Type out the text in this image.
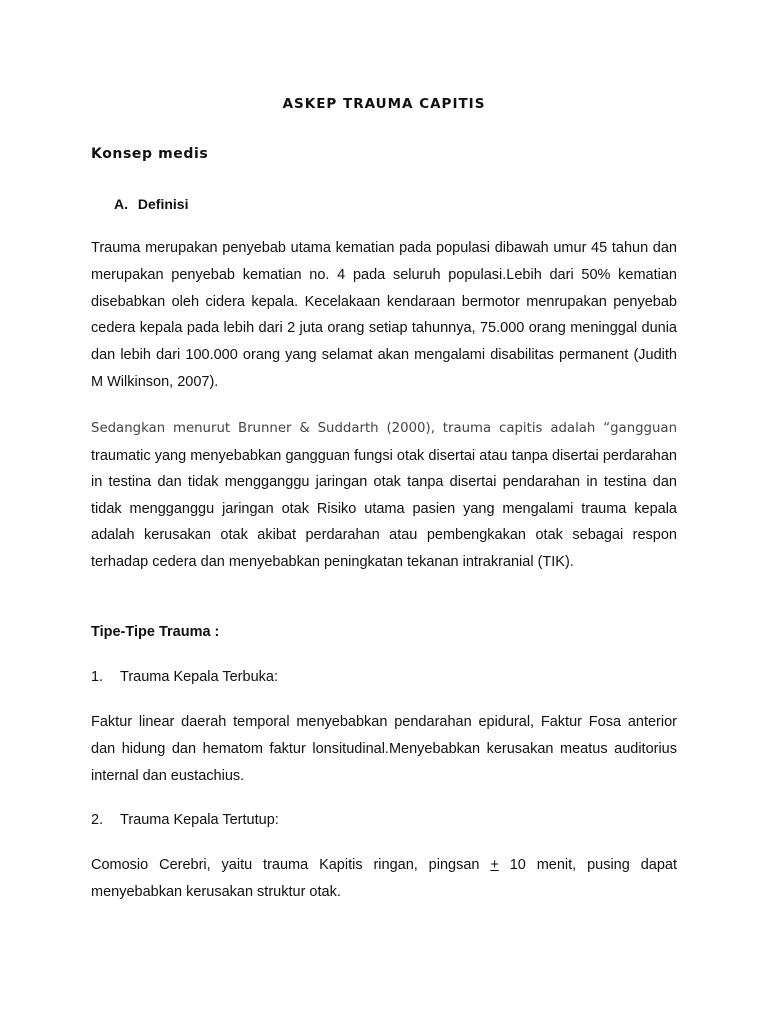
ASKEP TRAUMA CAPITIS
Konsep medis
A. Definisi

Trauma merupakan penyebab utama kematian pada populasi dibawah umur 45 tahun dan merupakan penyebab kematian no. 4 pada seluruh populasi.Lebih dari 50% kematian disebabkan oleh cidera kepala. Kecelakaan kendaraan bermotor menrupakan penyebab cedera kepala pada lebih dari 2 juta orang setiap tahunnya, 75.000 orang meninggal dunia dan lebih dari 100.000 orang yang selamat akan mengalami disabilitas permanent (Judith M Wilkinson, 2007).

Sedangkan menurut Brunner & Suddarth (2000), trauma capitis adalah “gangguan traumatic yang menyebabkan gangguan fungsi otak disertai atau tanpa disertai perdarahan in testina dan tidak mengganggu jaringan otak tanpa disertai pendarahan in testina dan tidak mengganggu jaringan otak Risiko utama pasien yang mengalami trauma kepala adalah kerusakan otak akibat perdarahan atau pembengkakan otak sebagai respon terhadap cedera dan menyebabkan peningkatan tekanan intrakranial (TIK).

Tipe-Tipe Trauma :
1. Trauma Kepala Terbuka:

Faktur linear daerah temporal menyebabkan pendarahan epidural, Faktur Fosa anterior dan hidung dan hematom faktur lonsitudinal.Menyebabkan kerusakan meatus auditorius internal dan eustachius.

2. Trauma Kepala Tertutup:

Comosio Cerebri, yaitu trauma Kapitis ringan, pingsan + 10 menit, pusing dapat menyebabkan kerusakan struktur otak.
